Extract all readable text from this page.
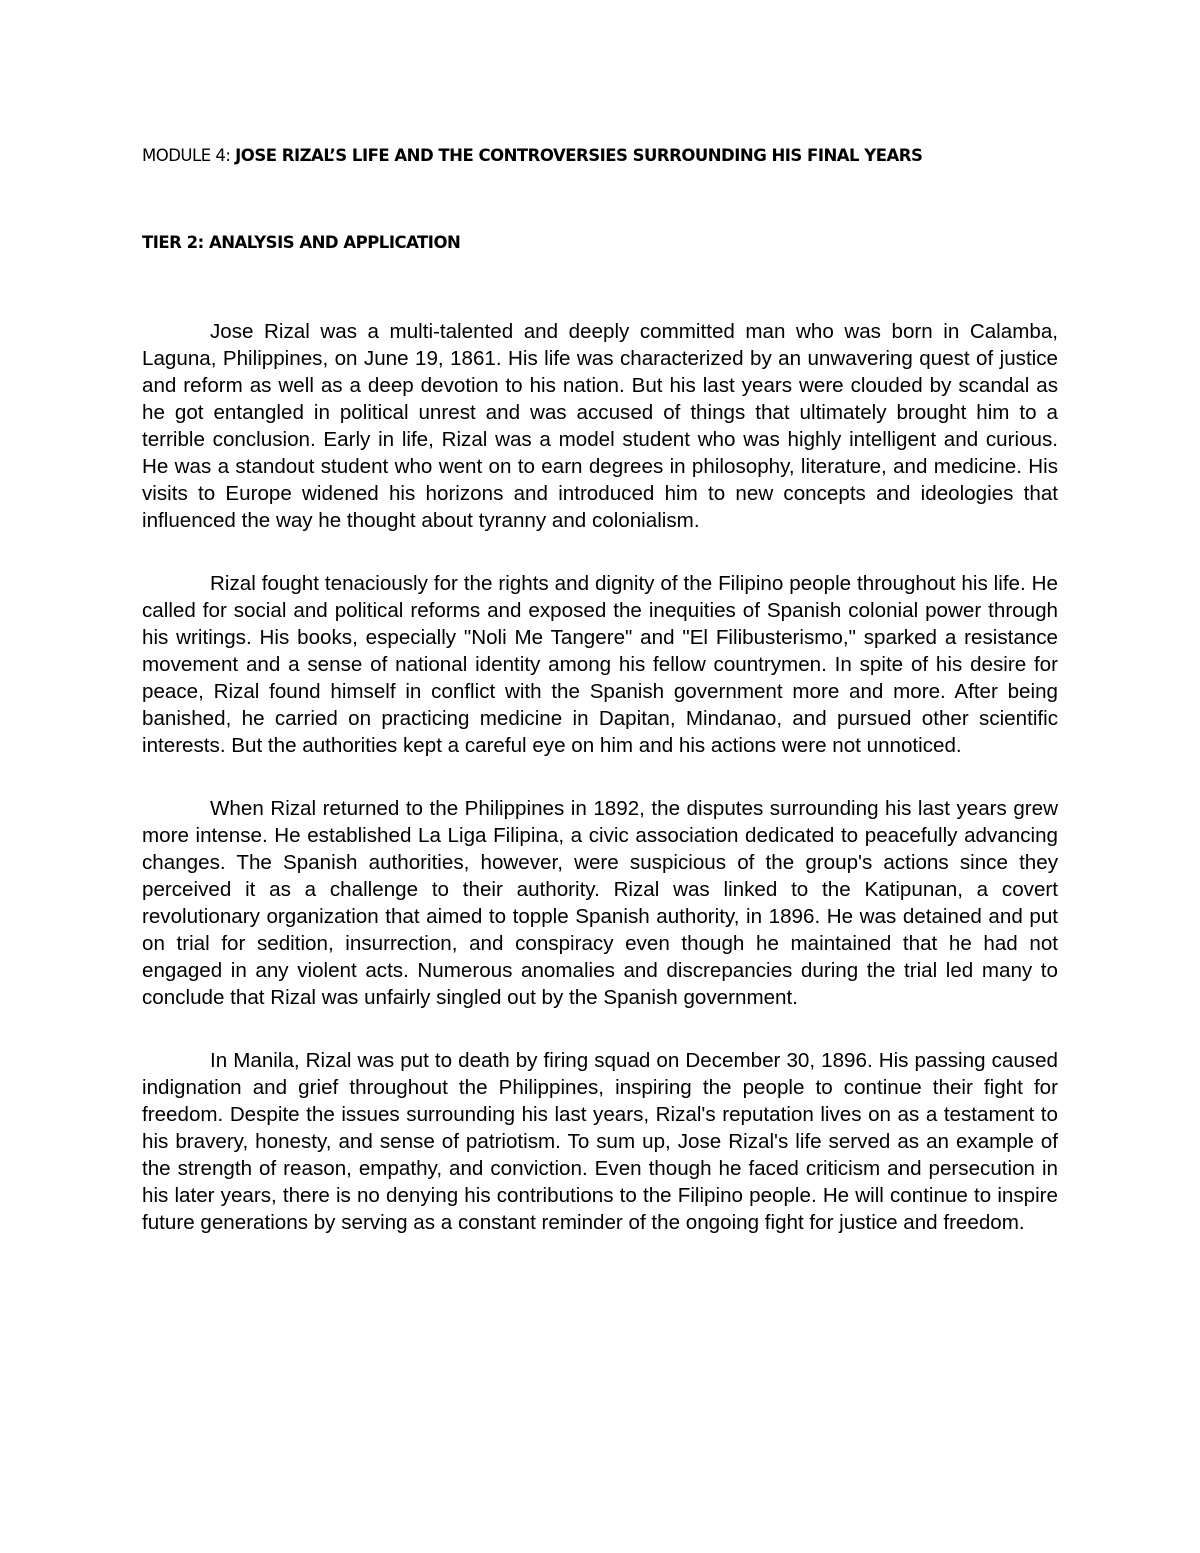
MODULE 4: JOSE RIZAL’S LIFE AND THE CONTROVERSIES SURROUNDING HIS FINAL YEARS
TIER 2: ANALYSIS AND APPLICATION

Jose Rizal was a multi-talented and deeply committed man who was born in Calamba, Laguna, Philippines, on June 19, 1861. His life was characterized by an unwavering quest of justice and reform as well as a deep devotion to his nation. But his last years were clouded by scandal as he got entangled in political unrest and was accused of things that ultimately brought him to a terrible conclusion. Early in life, Rizal was a model student who was highly intelligent and curious. He was a standout student who went on to earn degrees in philosophy, literature, and medicine. His visits to Europe widened his horizons and introduced him to new concepts and ideologies that influenced the way he thought about tyranny and colonialism.

Rizal fought tenaciously for the rights and dignity of the Filipino people throughout his life. He called for social and political reforms and exposed the inequities of Spanish colonial power through his writings. His books, especially "Noli Me Tangere" and "El Filibusterismo," sparked a resistance movement and a sense of national identity among his fellow countrymen. In spite of his desire for peace, Rizal found himself in conflict with the Spanish government more and more. After being banished, he carried on practicing medicine in Dapitan, Mindanao, and pursued other scientific interests. But the authorities kept a careful eye on him and his actions were not unnoticed.

When Rizal returned to the Philippines in 1892, the disputes surrounding his last years grew more intense. He established La Liga Filipina, a civic association dedicated to peacefully advancing changes. The Spanish authorities, however, were suspicious of the group's actions since they perceived it as a challenge to their authority. Rizal was linked to the Katipunan, a covert revolutionary organization that aimed to topple Spanish authority, in 1896. He was detained and put on trial for sedition, insurrection, and conspiracy even though he maintained that he had not engaged in any violent acts. Numerous anomalies and discrepancies during the trial led many to conclude that Rizal was unfairly singled out by the Spanish government.

In Manila, Rizal was put to death by firing squad on December 30, 1896. His passing caused indignation and grief throughout the Philippines, inspiring the people to continue their fight for freedom. Despite the issues surrounding his last years, Rizal's reputation lives on as a testament to his bravery, honesty, and sense of patriotism. To sum up, Jose Rizal's life served as an example of the strength of reason, empathy, and conviction. Even though he faced criticism and persecution in his later years, there is no denying his contributions to the Filipino people. He will continue to inspire future generations by serving as a constant reminder of the ongoing fight for justice and freedom.
